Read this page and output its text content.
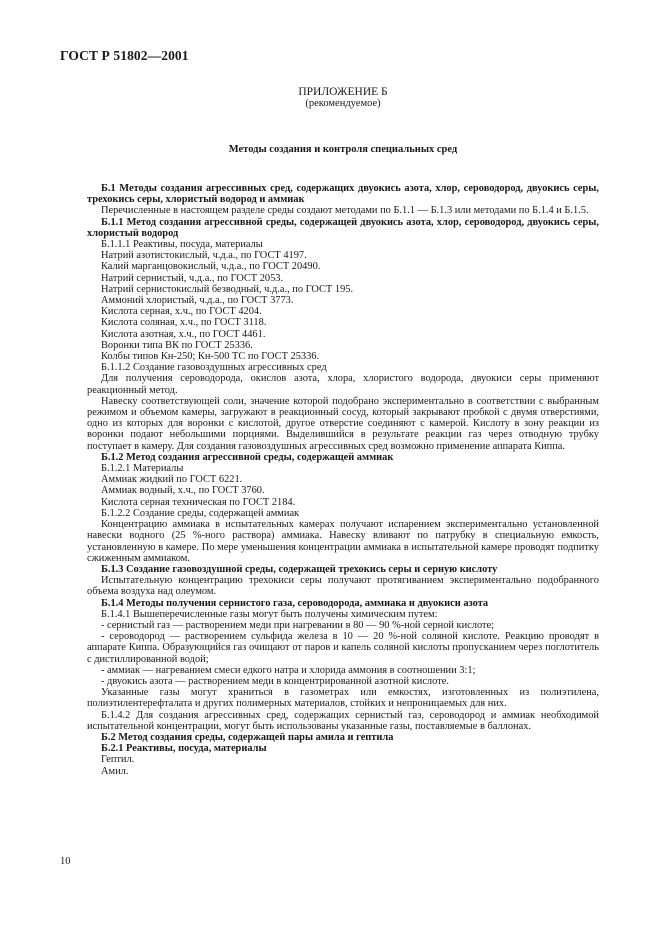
ГОСТ Р 51802—2001
ПРИЛОЖЕНИЕ Б
(рекомендуемое)
Методы создания и контроля специальных сред

Б.1 Методы создания агрессивных сред, содержащих двуокись азота, хлор, сероводород, двуокись серы, трехокись серы, хлористый водород и аммиак

Перечисленные в настоящем разделе среды создают методами по Б.1.1 — Б.1.3 или методами по Б.1.4 и Б.1.5.

Б.1.1 Метод создания агрессивной среды, содержащей двуокись азота, хлор, сероводород, двуокись серы, хлористый водород

Б.1.1.1 Реактивы, посуда, материалы

Натрий азотистокислый, ч.д.а., по ГОСТ 4197.

Калий марганцовокислый, ч.д.а., по ГОСТ 20490.

Натрий сернистый, ч.д.а., по ГОСТ 2053.

Натрий сернистокислый безводный, ч.д.а., по ГОСТ 195.

Аммоний хлористый, ч.д.а., по ГОСТ 3773.

Кислота серная, х.ч., по ГОСТ 4204.

Кислота соляная, х.ч., по ГОСТ 3118.

Кислота азотная, х.ч., по ГОСТ 4461.

Воронки типа ВК по ГОСТ 25336.

Колбы типов Кн-250; Кн-500 ТС по ГОСТ 25336.

Б.1.1.2 Создание газовоздушных агрессивных сред

Для получения сероводорода, окислов азота, хлора, хлористого водорода, двуокиси серы применяют реакционный метод.

Навеску соответствующей соли, значение которой подобрано экспериментально в соответствии с выбранным режимом и объемом камеры, загружают в реакционный сосуд, который закрывают пробкой с двумя отверстиями, одно из которых для воронки с кислотой, другое отверстие соединяют с камерой. Кислоту в зону реакции из воронки подают небольшими порциями. Выделившийся в результате реакции газ через отводную трубку поступает в камеру. Для создания газовоздушных агрессивных сред возможно применение аппарата Киппа.

Б.1.2 Метод создания агрессивной среды, содержащей аммиак

Б.1.2.1 Материалы

Аммиак жидкий по ГОСТ 6221.

Аммиак водный, х.ч., по ГОСТ 3760.

Кислота серная техническая по ГОСТ 2184.

Б.1.2.2 Создание среды, содержащей аммиак

Концентрацию аммиака в испытательных камерах получают испарением экспериментально установленной навески водного (25 %-ного раствора) аммиака. Навеску вливают по патрубку в специальную емкость, установленную в камере. По мере уменьшения концентрации аммиака в испытательной камере проводят подпитку сжиженным аммиаком.

Б.1.3 Создание газовоздушной среды, содержащей трехокись серы и серную кислоту

Испытательную концентрацию трехокиси серы получают протягиванием экспериментально подобранного объема воздуха над олеумом.

Б.1.4 Методы получения сернистого газа, сероводорода, аммиака и двуокиси азота

Б.1.4.1 Вышеперечисленные газы могут быть получены химическим путем:

- сернистый газ — растворением меди при нагревании в 80 — 90 %-ной серной кислоте;

- сероводород — растворением сульфида железа в 10 — 20 %-ной соляной кислоте. Реакцию проводят в аппарате Киппа. Образующийся газ очищают от паров и капель соляной кислоты пропусканием через поглотитель с дистиллированной водой;

- аммиак — нагреванием смеси едкого натра и хлорида аммония в соотношении 3:1;

- двуокись азота — растворением меди в концентрированной азотной кислоте.

Указанные газы могут храниться в газометрах или емкостях, изготовленных из полиэтилена, полиэтилентерефталата и других полимерных материалов, стойких и непроницаемых для них.

Б.1.4.2 Для создания агрессивных сред, содержащих сернистый газ, сероводород и аммиак необходимой испытательной концентрации, могут быть использованы указанные газы, поставляемые в баллонах.

Б.2 Метод создания среды, содержащей пары амила и гептила

Б.2.1 Реактивы, посуда, материалы

Гептил.

Амил.

10
